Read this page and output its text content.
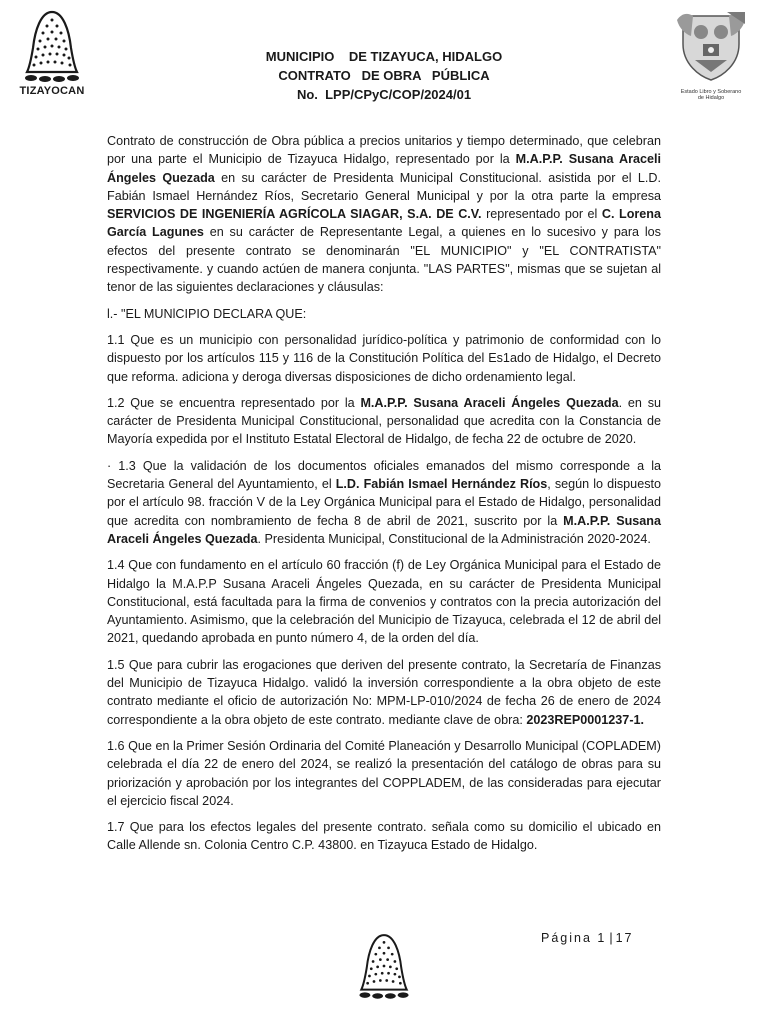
TIZAYOCAN
MUNICIPIO    DE TIZAYUCA, HIDALGO
CONTRATO   DE OBRA   PÚBLICA
No.  LPP/CPyC/COP/2024/01	Estado Libro y Soberano
de Hidalgo

Contrato de construcción de Obra pública a precios unitarios y tiempo determinado, que celebran por una parte el Municipio de Tizayuca Hidalgo, representado por la M.A.P.P. Susana Araceli Ángeles Quezada en su carácter de Presidenta Municipal Constitucional. asistida por el L.D. Fabián Ismael Hernández Ríos, Secretario General Municipal y por la otra parte la empresa SERVICIOS DE INGENIERÍA AGRÍCOLA SIAGAR, S.A. DE C.V. representado por el C. Lorena García Lagunes en su carácter de Representante Legal, a quienes en lo sucesivo y para los efectos del presente contrato se denominarán "EL MUNICIPIO" y "EL CONTRATISTA" respectivamente. y cuando actúen de manera conjunta. "LAS PARTES", mismas que se sujetan al tenor de las siguientes declaraciones y cláusulas:

l.- "EL MUNlCIPIO DECLARA QUE:

1.1 Que es un municipio con personalidad jurídico-política y patrimonio de conformidad con lo dispuesto por los artículos 115 y 116 de la Constitución Política del Es1ado de Hidalgo, el Decreto que reforma. adiciona y deroga diversas disposiciones de dicho ordenamiento legal.

1.2 Que se encuentra representado por la M.A.P.P. Susana Araceli Ángeles Quezada. en su carácter de Presidenta Municipal Constitucional, personalidad que acredita con la Constancia de Mayoría expedida por el Instituto Estatal Electoral de Hidalgo, de fecha 22 de octubre de 2020.

· 1.3 Que la validación de los documentos oficiales emanados del mismo corresponde a la Secretaria General del Ayuntamiento, el L.D. Fabián Ismael Hernández Ríos, según lo dispuesto por el artículo 98. fracción V de la Ley Orgánica Municipal para el Estado de Hidalgo, personalidad que acredita con nombramiento de fecha 8 de abril de 2021, suscrito por la M.A.P.P. Susana Araceli Ángeles Quezada. Presidenta Municipal, Constitucional de la Administración 2020-2024.

1.4 Que con fundamento en el artículo 60 fracción (f) de Ley Orgánica Municipal para el Estado de Hidalgo la M.A.P.P Susana Araceli Ángeles Quezada, en su carácter de Presidenta Municipal Constitucional, está facultada para la firma de convenios y contratos con la precia autorización del Ayuntamiento. Asimismo, que la celebración del Municipio de Tizayuca, celebrada el 12 de abril del 2021, quedando aprobada en punto número 4, de la orden del día.

1.5 Que para cubrir las erogaciones que deriven del presente contrato, la Secretaría de Finanzas del Municipio de Tizayuca Hidalgo. validó la inversión correspondiente a la obra objeto de este contrato mediante el oficio de autorización No: MPM-LP-010/2024 de fecha 26 de enero de 2024 correspondiente a la obra objeto de este contrato. mediante clave de obra: 2023REP0001237-1.

1.6 Que en la Primer Sesión Ordinaria del Comité Planeación y Desarrollo Municipal (COPLADEM) celebrada el día 22 de enero del 2024, se realizó la presentación del catálogo de obras para su priorización y aprobación por los integrantes del COPPLADEM, de las consideradas para ejecutar el ejercicio fiscal 2024.

1.7 Que para los efectos legales del presente contrato. señala como su domicilio el ubicado en Calle Allende sn. Colonia Centro C.P. 43800. en Tizayuca Estado de Hidalgo.

Página 1 | 17
